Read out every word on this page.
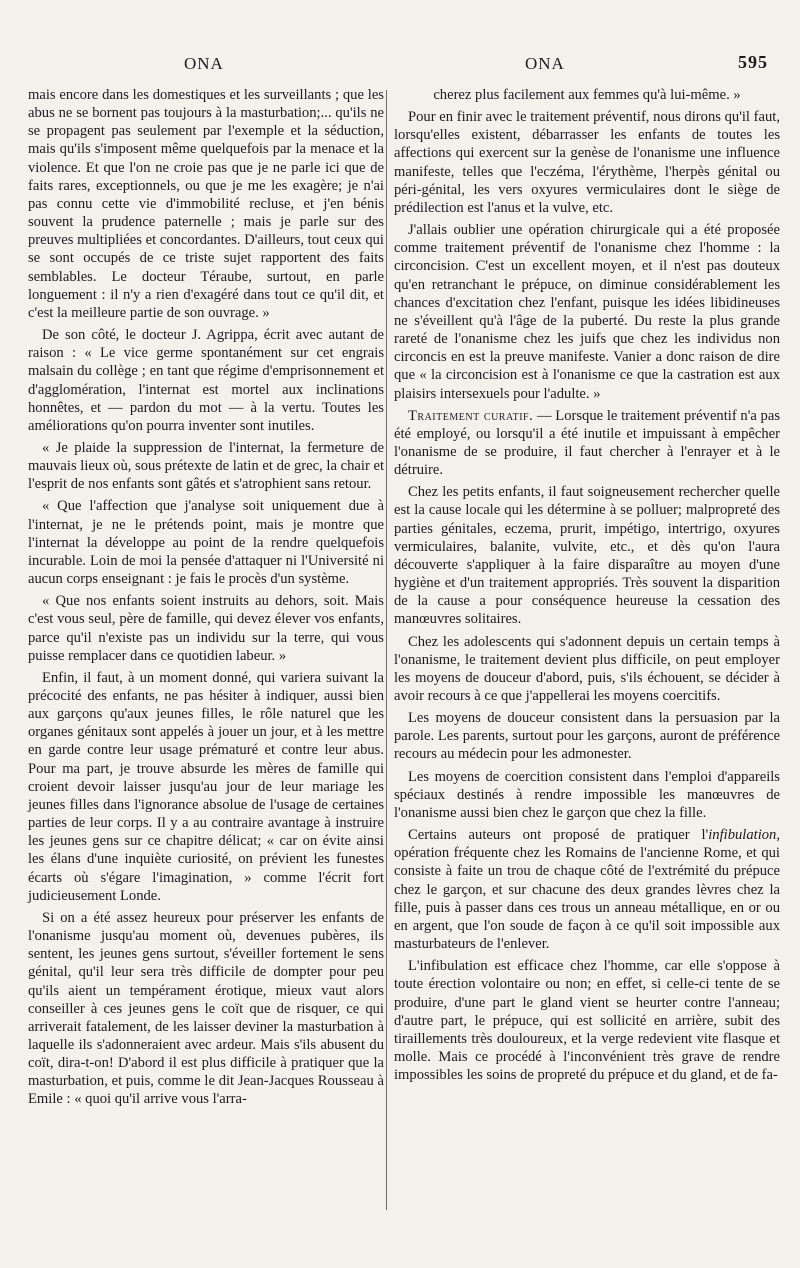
ONA	ONA	595

mais encore dans les domestiques et les surveillants ; que les abus ne se bornent pas toujours à la masturbation;... qu'ils ne se propagent pas seulement par l'exemple et la séduction, mais qu'ils s'imposent même quelquefois par la menace et la violence. Et que l'on ne croie pas que je ne parle ici que de faits rares, exceptionnels, ou que je me les exagère; je n'ai pas connu cette vie d'immobilité recluse, et j'en bénis souvent la prudence paternelle ; mais je parle sur des preuves multipliées et concordantes. D'ailleurs, tout ceux qui se sont occupés de ce triste sujet rapportent des faits semblables. Le docteur Téraube, surtout, en parle longuement : il n'y a rien d'exagéré dans tout ce qu'il dit, et c'est la meilleure partie de son ouvrage. »

De son côté, le docteur J. Agrippa, écrit avec autant de raison : « Le vice germe spontanément sur cet engrais malsain du collège ; en tant que régime d'emprisonnement et d'agglomération, l'internat est mortel aux inclinations honnêtes, et — pardon du mot — à la vertu. Toutes les améliorations qu'on pourra inventer sont inutiles.

« Je plaide la suppression de l'internat, la fermeture de mauvais lieux où, sous prétexte de latin et de grec, la chair et l'esprit de nos enfants sont gâtés et s'atrophient sans retour.

« Que l'affection que j'analyse soit uniquement due à l'internat, je ne le prétends point, mais je montre que l'internat la développe au point de la rendre quelquefois incurable. Loin de moi la pensée d'attaquer ni l'Université ni aucun corps enseignant : je fais le procès d'un système.

« Que nos enfants soient instruits au dehors, soit. Mais c'est vous seul, père de famille, qui devez élever vos enfants, parce qu'il n'existe pas un individu sur la terre, qui vous puisse remplacer dans ce quotidien labeur. »

Enfin, il faut, à un moment donné, qui variera suivant la précocité des enfants, ne pas hésiter à indiquer, aussi bien aux garçons qu'aux jeunes filles, le rôle naturel que les organes génitaux sont appelés à jouer un jour, et à les mettre en garde contre leur usage prématuré et contre leur abus. Pour ma part, je trouve absurde les mères de famille qui croient devoir laisser jusqu'au jour de leur mariage les jeunes filles dans l'ignorance absolue de l'usage de certaines parties de leur corps. Il y a au contraire avantage à instruire les jeunes gens sur ce chapitre délicat; « car on évite ainsi les élans d'une inquiète curiosité, on prévient les funestes écarts où s'égare l'imagination, » comme l'écrit fort judicieusement Londe.

Si on a été assez heureux pour préserver les enfants de l'onanisme jusqu'au moment où, devenues pubères, ils sentent, les jeunes gens surtout, s'éveiller fortement le sens génital, qu'il leur sera très difficile de dompter pour peu qu'ils aient un tempérament érotique, mieux vaut alors conseiller à ces jeunes gens le coït que de risquer, ce qui arriverait fatalement, de les laisser deviner la masturbation à laquelle ils s'adonneraient avec ardeur. Mais s'ils abusent du coït, dira-t-on! D'abord il est plus difficile à pratiquer que la masturbation, et puis, comme le dit Jean-Jacques Rousseau à Emile : « quoi qu'il arrive vous l'arra-

cherez plus facilement aux femmes qu'à lui-même. »

Pour en finir avec le traitement préventif, nous dirons qu'il faut, lorsqu'elles existent, débarrasser les enfants de toutes les affections qui exercent sur la genèse de l'onanisme une influence manifeste, telles que l'eczéma, l'érythème, l'herpès génital ou péri-génital, les vers oxyures vermiculaires dont le siège de prédilection est l'anus et la vulve, etc.

J'allais oublier une opération chirurgicale qui a été proposée comme traitement préventif de l'onanisme chez l'homme : la circoncision. C'est un excellent moyen, et il n'est pas douteux qu'en retranchant le prépuce, on diminue considérablement les chances d'excitation chez l'enfant, puisque les idées libidineuses ne s'éveillent qu'à l'âge de la puberté. Du reste la plus grande rareté de l'onanisme chez les juifs que chez les individus non circoncis en est la preuve manifeste. Vanier a donc raison de dire que « la circoncision est à l'onanisme ce que la castration est aux plaisirs intersexuels pour l'adulte. »

Traitement curatif. — Lorsque le traitement préventif n'a pas été employé, ou lorsqu'il a été inutile et impuissant à empêcher l'onanisme de se produire, il faut chercher à l'enrayer et à le détruire.

Chez les petits enfants, il faut soigneusement rechercher quelle est la cause locale qui les détermine à se polluer; malpropreté des parties génitales, eczema, prurit, impétigo, intertrigo, oxyures vermiculaires, balanite, vulvite, etc., et dès qu'on l'aura découverte s'appliquer à la faire disparaître au moyen d'une hygiène et d'un traitement appropriés. Très souvent la disparition de la cause a pour conséquence heureuse la cessation des manœuvres solitaires.

Chez les adolescents qui s'adonnent depuis un certain temps à l'onanisme, le traitement devient plus difficile, on peut employer les moyens de douceur d'abord, puis, s'ils échouent, se décider à avoir recours à ce que j'appellerai les moyens coercitifs.

Les moyens de douceur consistent dans la persuasion par la parole. Les parents, surtout pour les garçons, auront de préférence recours au médecin pour les admonester.

Les moyens de coercition consistent dans l'emploi d'appareils spéciaux destinés à rendre impossible les manœuvres de l'onanisme aussi bien chez le garçon que chez la fille.

Certains auteurs ont proposé de pratiquer l'infibulation, opération fréquente chez les Romains de l'ancienne Rome, et qui consiste à faite un trou de chaque côté de l'extrémité du prépuce chez le garçon, et sur chacune des deux grandes lèvres chez la fille, puis à passer dans ces trous un anneau métallique, en or ou en argent, que l'on soude de façon à ce qu'il soit impossible aux masturbateurs de l'enlever.

L'infibulation est efficace chez l'homme, car elle s'oppose à toute érection volontaire ou non; en effet, si celle-ci tente de se produire, d'une part le gland vient se heurter contre l'anneau; d'autre part, le prépuce, qui est sollicité en arrière, subit des tiraillements très douloureux, et la verge redevient vite flasque et molle. Mais ce procédé à l'inconvénient très grave de rendre impossibles les soins de propreté du prépuce et du gland, et de fa-
